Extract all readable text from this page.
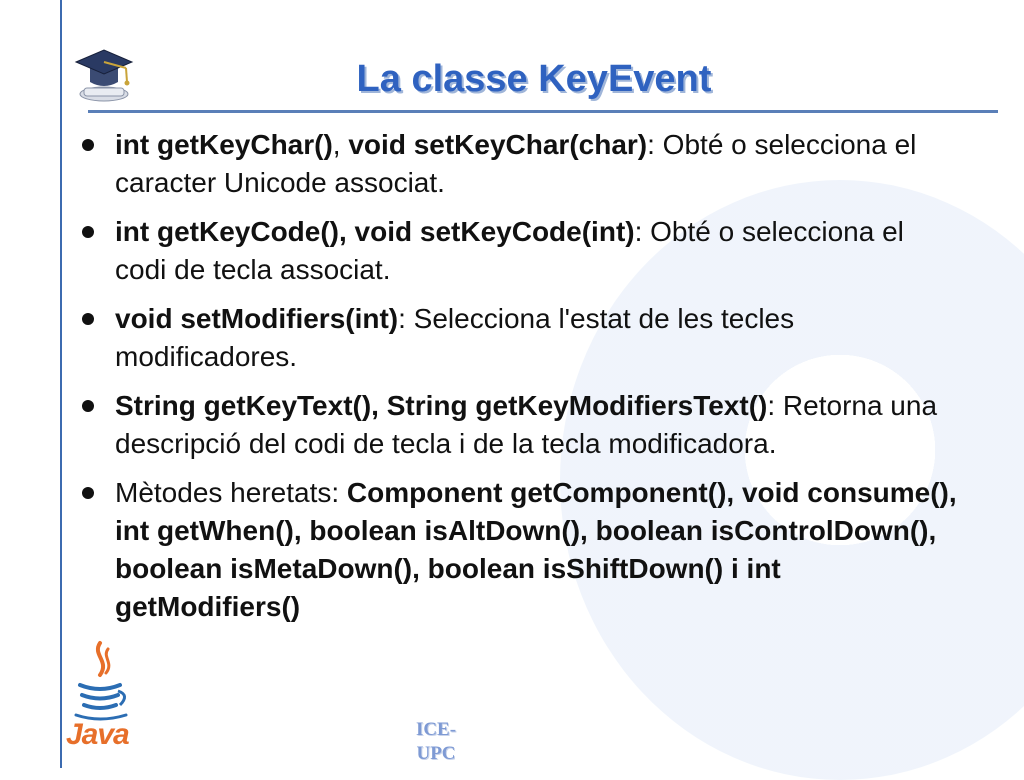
La classe KeyEvent
int getKeyChar(), void setKeyChar(char): Obté o selecciona el caracter Unicode associat.
int getKeyCode(), void setKeyCode(int): Obté o selecciona el codi de tecla associat.
void setModifiers(int): Selecciona l'estat de les tecles modificadores.
String getKeyText(), String getKeyModifiersText(): Retorna una descripció del codi de tecla i de la tecla modificadora.
Mètodes heretats: Component getComponent(), void consume(), int getWhen(), boolean isAltDown(), boolean isControlDown(), boolean isMetaDown(), boolean isShiftDown() i int getModifiers()
Java	ICE-
UPC
